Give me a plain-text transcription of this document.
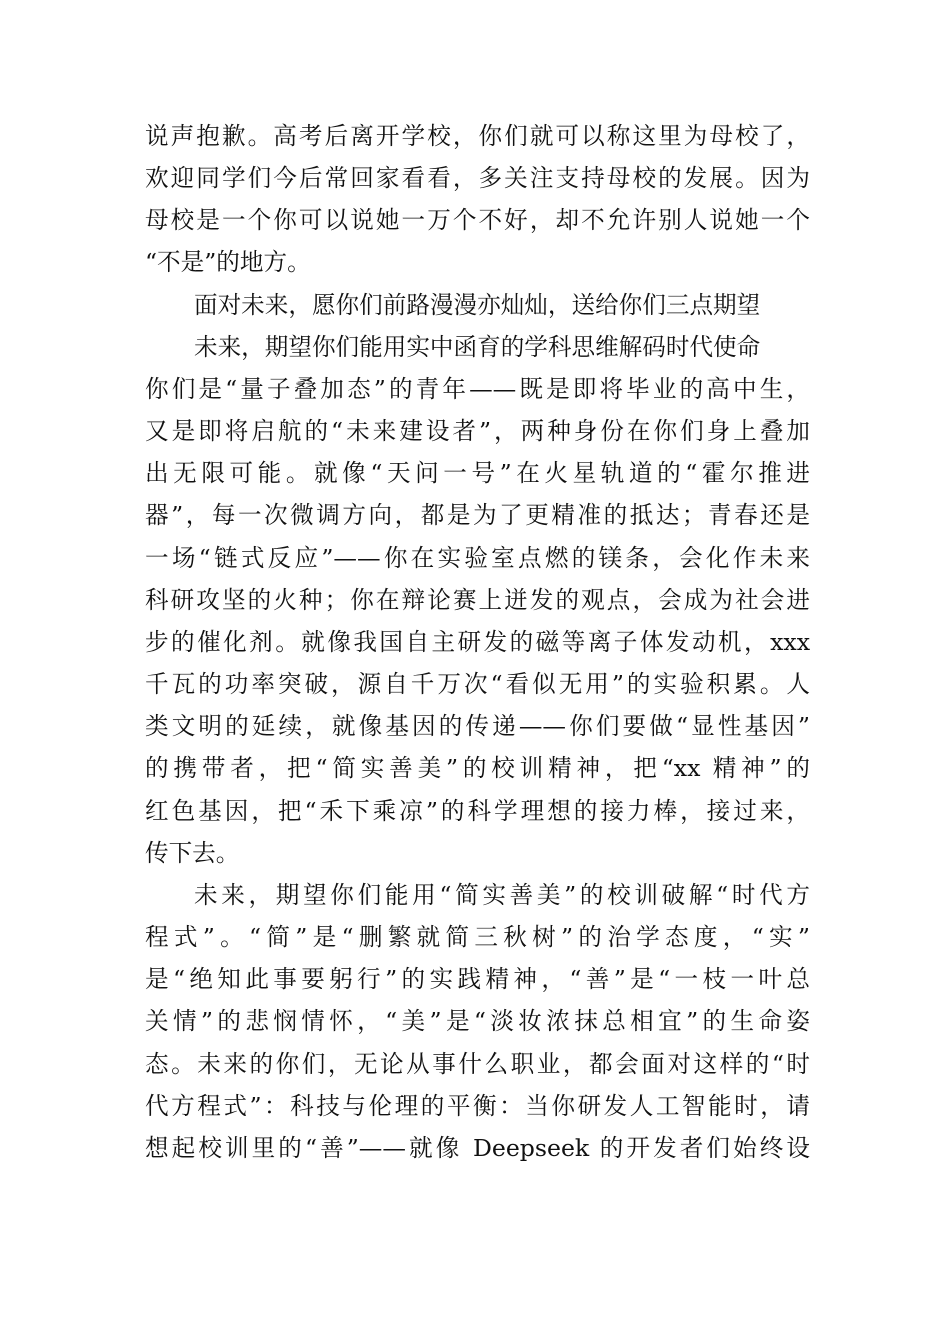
说声抱歉。高考后离开学校，你们就可以称这里为母校了，
欢迎同学们今后常回家看看，多关注支持母校的发展。因为
母校是一个你可以说她一万个不好，却不允许别人说她一个
“不是”的地方。
面对未来，愿你们前路漫漫亦灿灿，送给你们三点期望
未来，期望你们能用实中函育的学科思维解码时代使命
你们是“量子叠加态”的青年——既是即将毕业的高中生，
又是即将启航的“未来建设者”，两种身份在你们身上叠加
出无限可能。就像“天问一号”在火星轨道的“霍尔推进
器”，每一次微调方向，都是为了更精准的抵达；青春还是
一场“链式反应”——你在实验室点燃的镁条，会化作未来
科研攻坚的火种；你在辩论赛上迸发的观点，会成为社会进
步的催化剂。就像我国自主研发的磁等离子体发动机，xxx
千瓦的功率突破，源自千万次“看似无用”的实验积累。人
类文明的延续，就像基因的传递——你们要做“显性基因”
的携带者，把“简实善美”的校训精神，把“xx 精神”的
红色基因，把“禾下乘凉”的科学理想的接力棒，接过来，
传下去。
未来，期望你们能用“简实善美”的校训破解“时代方
程式”。“简”是“删繁就简三秋树”的治学态度，“实”
是“绝知此事要躬行”的实践精神，“善”是“一枝一叶总
关情”的悲悯情怀，“美”是“淡妆浓抹总相宜”的生命姿
态。未来的你们，无论从事什么职业，都会面对这样的“时
代方程式”：科技与伦理的平衡：当你研发人工智能时，请
想起校训里的“善”——就像 Deepseek 的开发者们始终设
